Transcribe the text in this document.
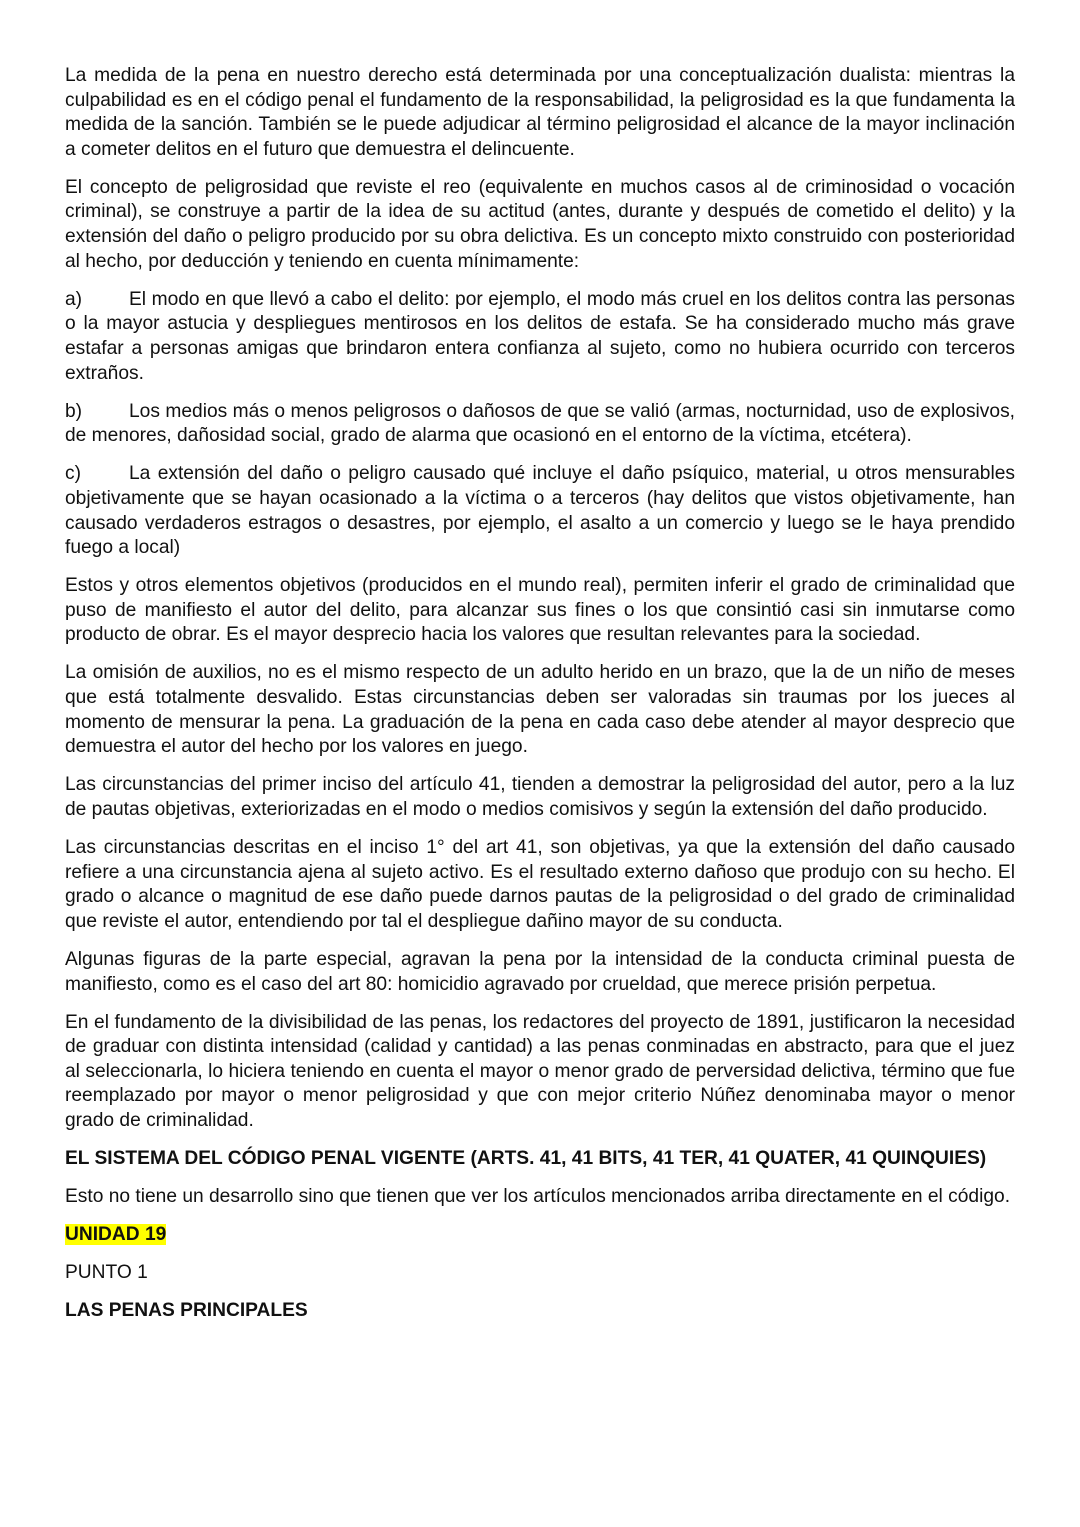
La medida de la pena en nuestro derecho está determinada por una conceptualización dualista: mientras la culpabilidad es en el código penal el fundamento de la responsabilidad, la peligrosidad es la que fundamenta la medida de la sanción. También se le puede adjudicar al término peligrosidad el alcance de la mayor inclinación a cometer delitos en el futuro que demuestra el delincuente.

El concepto de peligrosidad que reviste el reo (equivalente en muchos casos al de criminosidad o vocación criminal), se construye a partir de la idea de su actitud (antes, durante y después de cometido el delito) y la extensión del daño o peligro producido por su obra delictiva. Es un concepto mixto construido con posterioridad al hecho, por deducción y teniendo en cuenta mínimamente:

a) El modo en que llevó a cabo el delito: por ejemplo, el modo más cruel en los delitos contra las personas o la mayor astucia y despliegues mentirosos en los delitos de estafa. Se ha considerado mucho más grave estafar a personas amigas que brindaron entera confianza al sujeto, como no hubiera ocurrido con terceros extraños.

b) Los medios más o menos peligrosos o dañosos de que se valió (armas, nocturnidad, uso de explosivos, de menores, dañosidad social, grado de alarma que ocasionó en el entorno de la víctima, etcétera).

c)	La extensión del daño o peligro causado qué incluye el daño psíquico, material, u otros mensurables objetivamente que se hayan ocasionado a la víctima o a terceros (hay delitos que vistos objetivamente, han causado verdaderos estragos o desastres, por ejemplo, el asalto a un comercio y luego se le haya prendido fuego a local)

Estos y otros elementos objetivos (producidos en el mundo real), permiten inferir el grado de criminalidad que puso de manifiesto el autor del delito, para alcanzar sus fines o los que consintió casi sin inmutarse como producto de obrar. Es el mayor desprecio hacia los valores que resultan relevantes para la sociedad.

La omisión de auxilios, no es el mismo respecto de un adulto herido en un brazo, que la de un niño de meses que está totalmente desvalido. Estas circunstancias deben ser valoradas sin traumas por los jueces al momento de mensurar la pena. La graduación de la pena en cada caso debe atender al mayor desprecio que demuestra el autor del hecho por los valores en juego.

Las circunstancias del primer inciso del artículo 41, tienden a demostrar la peligrosidad del autor, pero a la luz de pautas objetivas, exteriorizadas en el modo o medios comisivos y según la extensión del daño producido.

Las circunstancias descritas en el inciso 1° del art 41, son objetivas, ya que la extensión del daño causado refiere a una circunstancia ajena al sujeto activo. Es el resultado externo dañoso que produjo con su hecho. El grado o alcance o magnitud de ese daño puede darnos pautas de la peligrosidad o del grado de criminalidad que reviste el autor, entendiendo por tal el despliegue dañino mayor de su conducta.

Algunas figuras de la parte especial, agravan la pena por la intensidad de la conducta criminal puesta de manifiesto, como es el caso del art 80: homicidio agravado por crueldad, que merece prisión perpetua.

En el fundamento de la divisibilidad de las penas, los redactores del proyecto de 1891, justificaron la necesidad de graduar con distinta intensidad (calidad y cantidad) a las penas conminadas en abstracto, para que el juez al seleccionarla, lo hiciera teniendo en cuenta el mayor o menor grado de perversidad delictiva, término que fue reemplazado por mayor o menor peligrosidad y que con mejor criterio Núñez denominaba mayor o menor grado de criminalidad.

EL SISTEMA DEL CÓDIGO PENAL VIGENTE (ARTS. 41, 41 BITS, 41 TER, 41 QUATER, 41 QUINQUIES)

Esto no tiene un desarrollo sino que tienen que ver los artículos mencionados arriba directamente en el código.

UNIDAD 19

PUNTO 1

LAS PENAS PRINCIPALES
